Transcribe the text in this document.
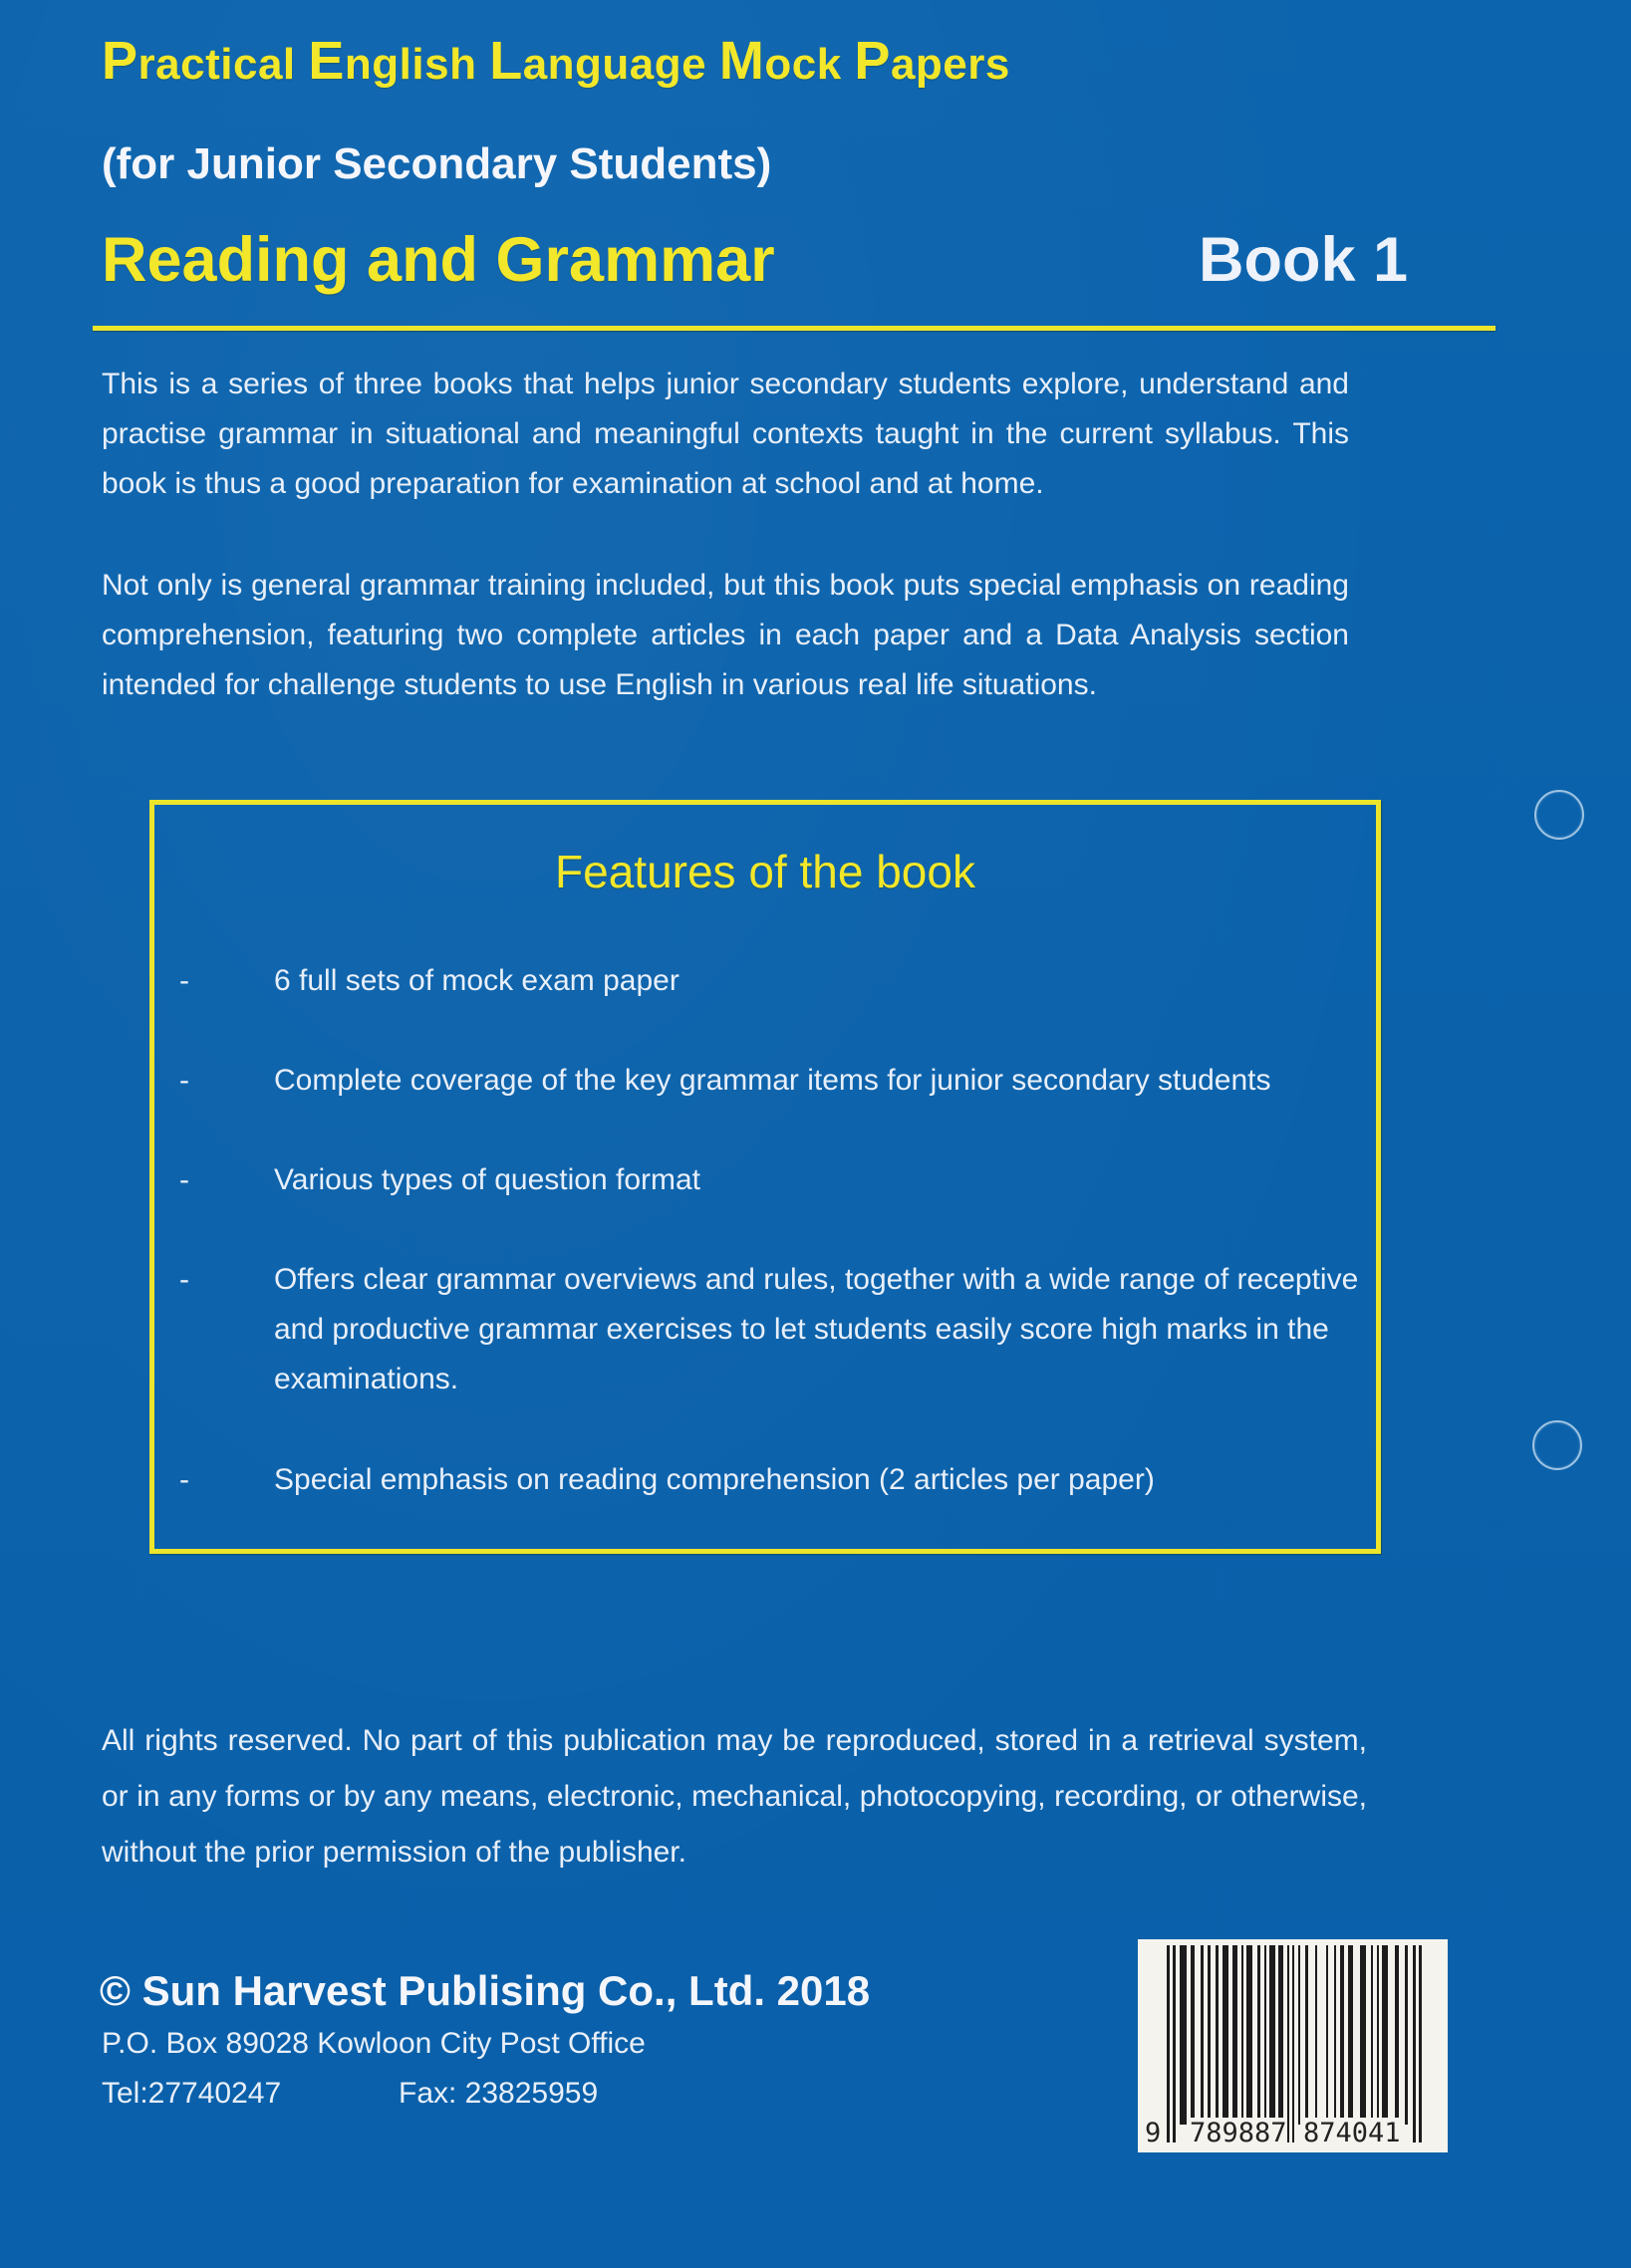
Practical English Language Mock Papers
(for Junior Secondary Students)
Reading and Grammar	Book 1
This is a series of three books that helps junior secondary students explore, understand and practise grammar in situational and meaningful contexts taught in the current syllabus. This book is thus a good preparation for examination at school and at home.
Not only is general grammar training included, but this book puts special emphasis on reading comprehension, featuring two complete articles in each paper and a Data Analysis section intended for challenge students to use English in various real life situations.
Features of the book
-	6 full sets of mock exam paper
-	Complete coverage of the key grammar items for junior secondary students
-	Various types of question format
-	Offers clear grammar overviews and rules, together with a wide range of receptive and productive grammar exercises to let students easily score high marks in the examinations.
-	Special emphasis on reading comprehension (2 articles per paper)
All rights reserved. No part of this publication may be reproduced, stored in a retrieval system, or in any forms or by any means, electronic, mechanical, photocopying, recording, or otherwise, without the prior permission of the publisher.
© Sun Harvest Publising Co., Ltd. 2018
P.O. Box 89028 Kowloon City Post Office
Tel:27740247	Fax: 23825959
9 789887 874041
